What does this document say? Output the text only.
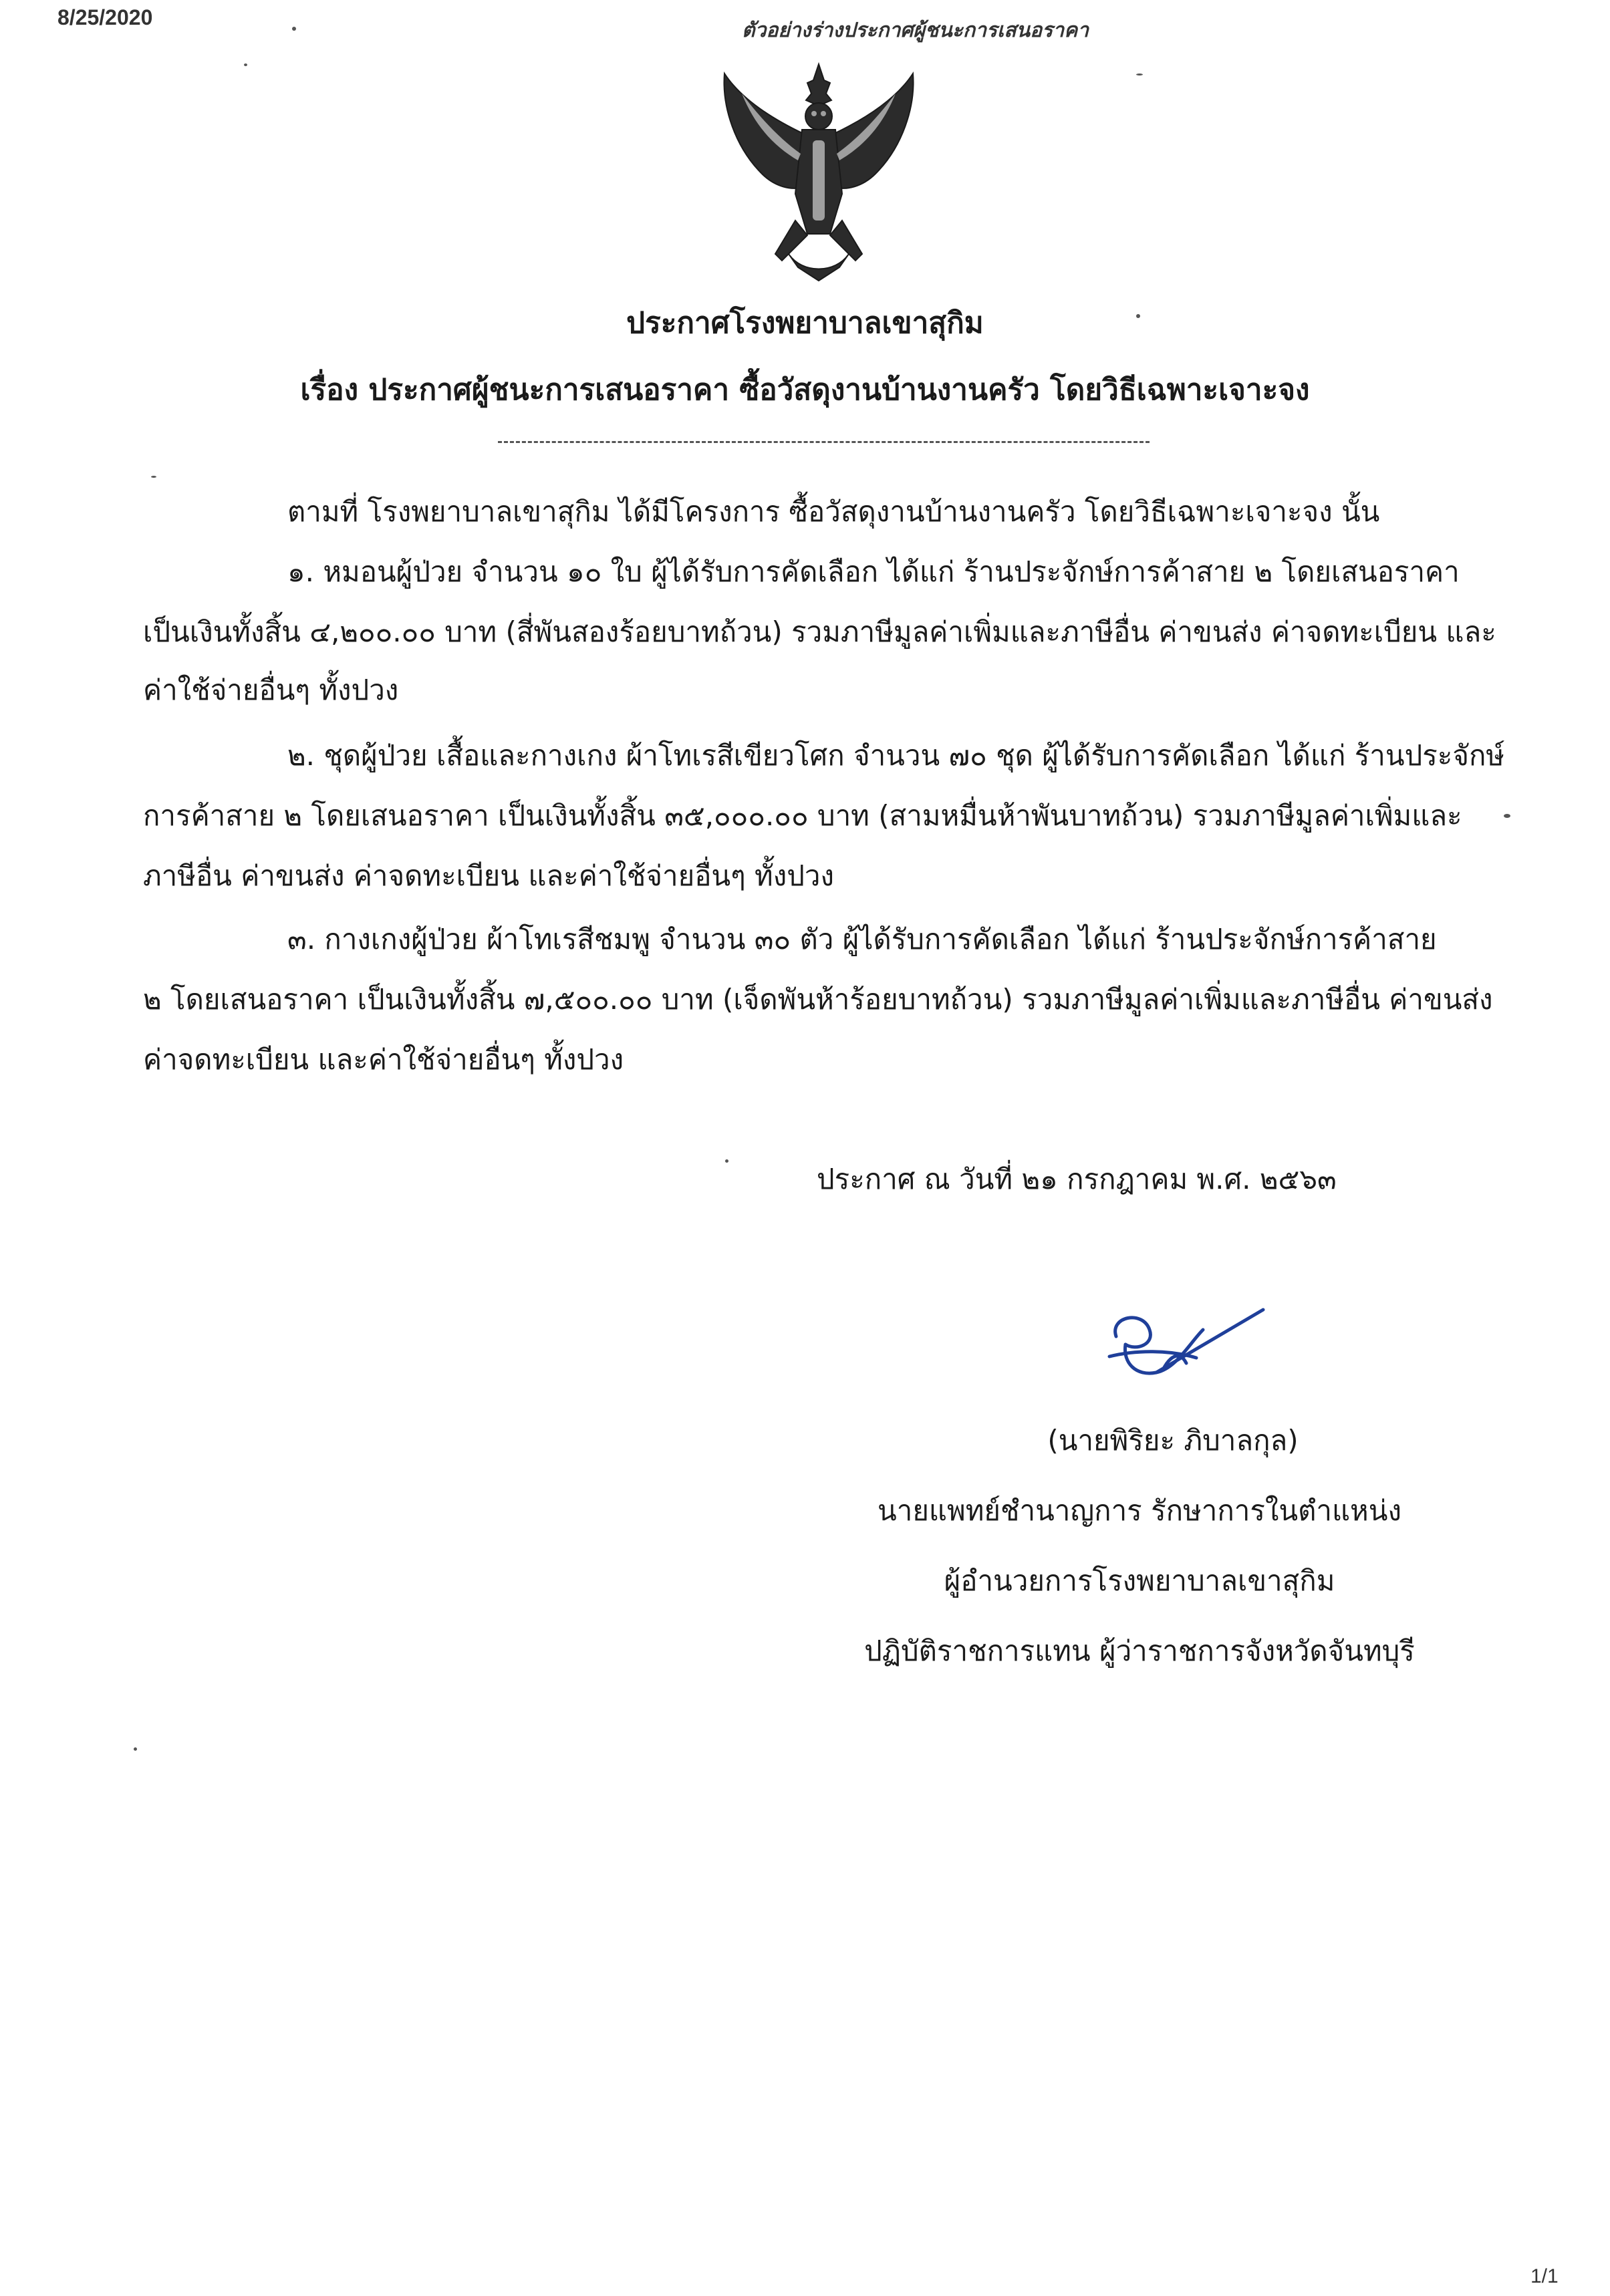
8/25/2020
ตัวอย่างร่างประกาศผู้ชนะการเสนอราคา
ประกาศโรงพยาบาลเขาสุกิม
เรื่อง ประกาศผู้ชนะการเสนอราคา ซื้อวัสดุงานบ้านงานครัว โดยวิธีเฉพาะเจาะจง
ตามที่ โรงพยาบาลเขาสุกิม ได้มีโครงการ ซื้อวัสดุงานบ้านงานครัว โดยวิธีเฉพาะเจาะจง นั้น
๑. หมอนผู้ป่วย จำนวน ๑๐ ใบ ผู้ได้รับการคัดเลือก ได้แก่ ร้านประจักษ์การค้าสาย ๒ โดยเสนอราคา
เป็นเงินทั้งสิ้น ๔,๒๐๐.๐๐ บาท (สี่พันสองร้อยบาทถ้วน) รวมภาษีมูลค่าเพิ่มและภาษีอื่น ค่าขนส่ง ค่าจดทะเบียน และ
ค่าใช้จ่ายอื่นๆ ทั้งปวง
๒. ชุดผู้ป่วย เสื้อและกางเกง ผ้าโทเรสีเขียวโศก จำนวน ๗๐ ชุด ผู้ได้รับการคัดเลือก ได้แก่ ร้านประจักษ์
การค้าสาย ๒ โดยเสนอราคา เป็นเงินทั้งสิ้น ๓๕,๐๐๐.๐๐ บาท (สามหมื่นห้าพันบาทถ้วน) รวมภาษีมูลค่าเพิ่มและ
ภาษีอื่น ค่าขนส่ง ค่าจดทะเบียน และค่าใช้จ่ายอื่นๆ ทั้งปวง
๓. กางเกงผู้ป่วย ผ้าโทเรสีชมพู จำนวน ๓๐ ตัว ผู้ได้รับการคัดเลือก ได้แก่ ร้านประจักษ์การค้าสาย
๒ โดยเสนอราคา เป็นเงินทั้งสิ้น ๗,๕๐๐.๐๐ บาท (เจ็ดพันห้าร้อยบาทถ้วน) รวมภาษีมูลค่าเพิ่มและภาษีอื่น ค่าขนส่ง
ค่าจดทะเบียน และค่าใช้จ่ายอื่นๆ ทั้งปวง
ประกาศ ณ วันที่ ๒๑ กรกฎาคม พ.ศ. ๒๕๖๓
(นายพิริยะ ภิบาลกุล)
นายแพทย์ชำนาญการ รักษาการในตำแหน่ง
ผู้อำนวยการโรงพยาบาลเขาสุกิม
ปฏิบัติราชการแทน ผู้ว่าราชการจังหวัดจันทบุรี
1/1
